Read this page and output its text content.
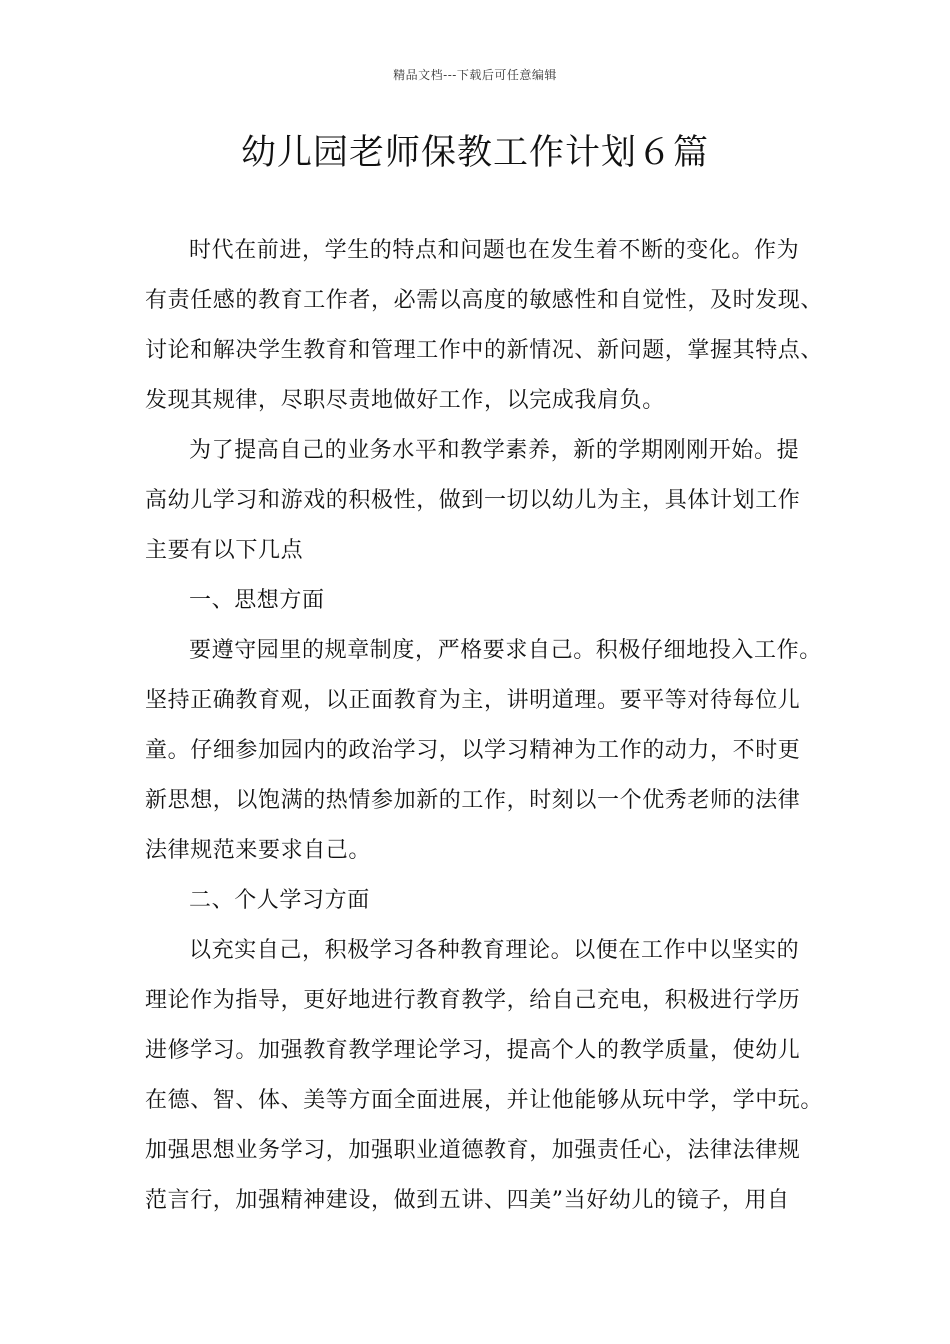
精品文档---下载后可任意编辑
幼儿园老师保教工作计划６篇
时代在前进，学生的特点和问题也在发生着不断的变化。作为
有责任感的教育工作者，必需以高度的敏感性和自觉性，及时发现、
讨论和解决学生教育和管理工作中的新情况、新问题，掌握其特点、
发现其规律，尽职尽责地做好工作，以完成我肩负。
为了提高自己的业务水平和教学素养，新的学期刚刚开始。提
高幼儿学习和游戏的积极性，做到一切以幼儿为主，具体计划工作
主要有以下几点
一、思想方面
要遵守园里的规章制度，严格要求自己。积极仔细地投入工作。
坚持正确教育观，以正面教育为主，讲明道理。要平等对待每位儿
童。仔细参加园内的政治学习，以学习精神为工作的动力，不时更
新思想，以饱满的热情参加新的工作，时刻以一个优秀老师的法律
法律规范来要求自己。
二、个人学习方面
以充实自己，积极学习各种教育理论。以便在工作中以坚实的
理论作为指导，更好地进行教育教学，给自己充电，积极进行学历
进修学习。加强教育教学理论学习，提高个人的教学质量，使幼儿
在德、智、体、美等方面全面进展，并让他能够从玩中学，学中玩。
加强思想业务学习，加强职业道德教育，加强责任心，法律法律规
范言行，加强精神建设，做到五讲、四美”当好幼儿的镜子，用自
